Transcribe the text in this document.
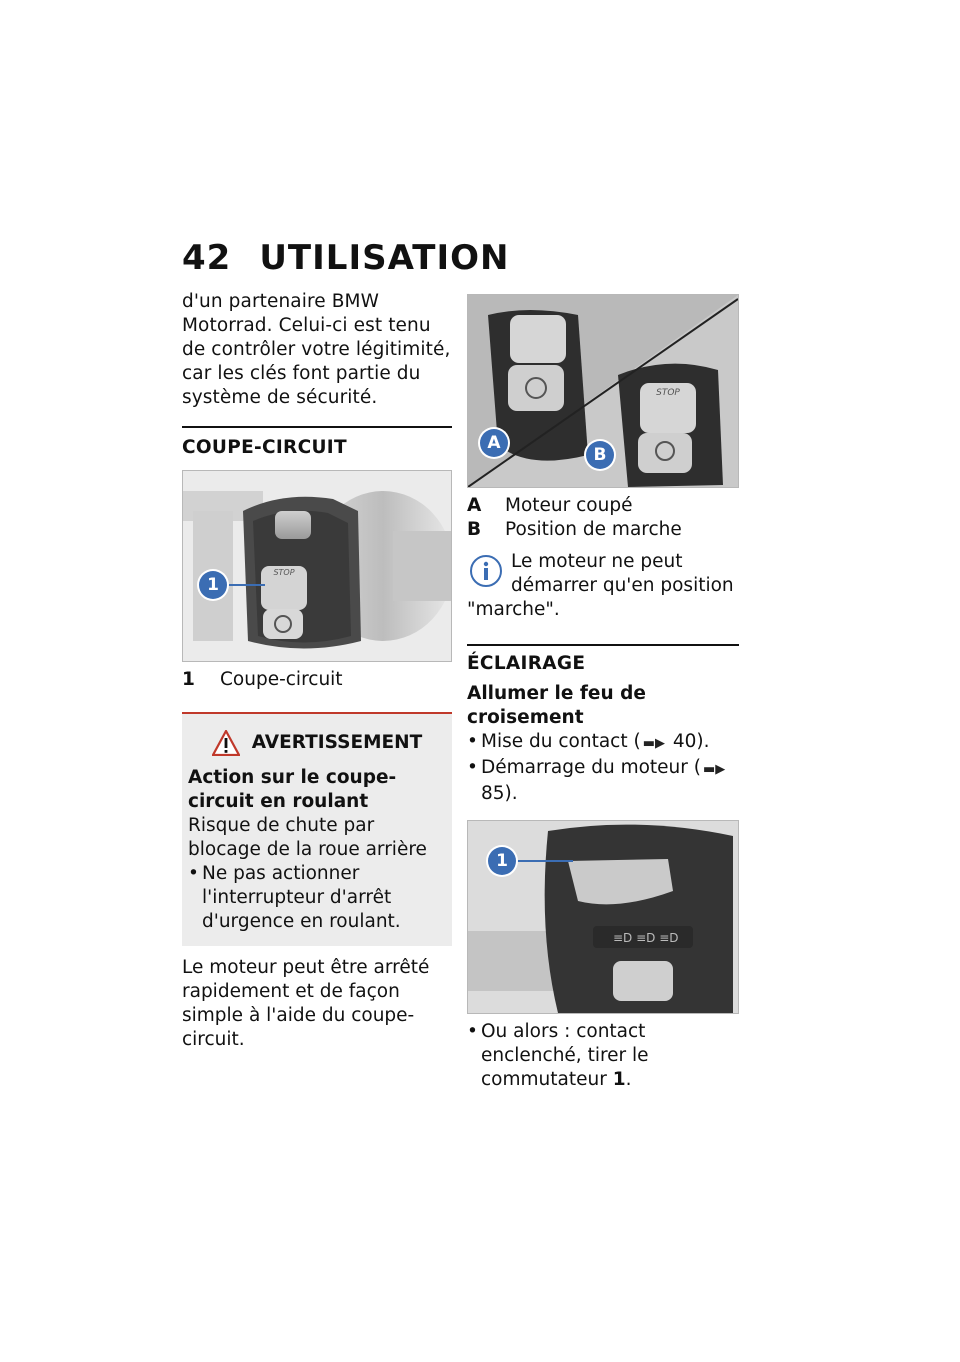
42 UTILISATION

d'un partenaire BMW Motorrad. Celui-ci est tenu de contrôler votre légitimité, car les clés font partie du système de sécurité.

COUPE-CIRCUIT
STOP
1
1	Coupe-circuit
AVERTISSEMENT

Action sur le coupe-circuit en roulant

Risque de chute par blocage de la roue arrière

• Ne pas actionner l'interrupteur d'arrêt d'urgence en roulant.

Le moteur peut être arrêté rapidement et de façon simple à l'aide du coupe-circuit.

STOP
A
B
A	Moteur coupé
B	Position de marche

Le moteur ne peut démarrer qu'en position "marche".

ÉCLAIRAGE
Allumer le feu de croisement
• Mise du contact ( ▬▶ 40).
• Démarrage du moteur ( ▬▶ 85).
≡D ≡D ≡D
1
• Ou alors : contact enclenché, tirer le commutateur 1.
